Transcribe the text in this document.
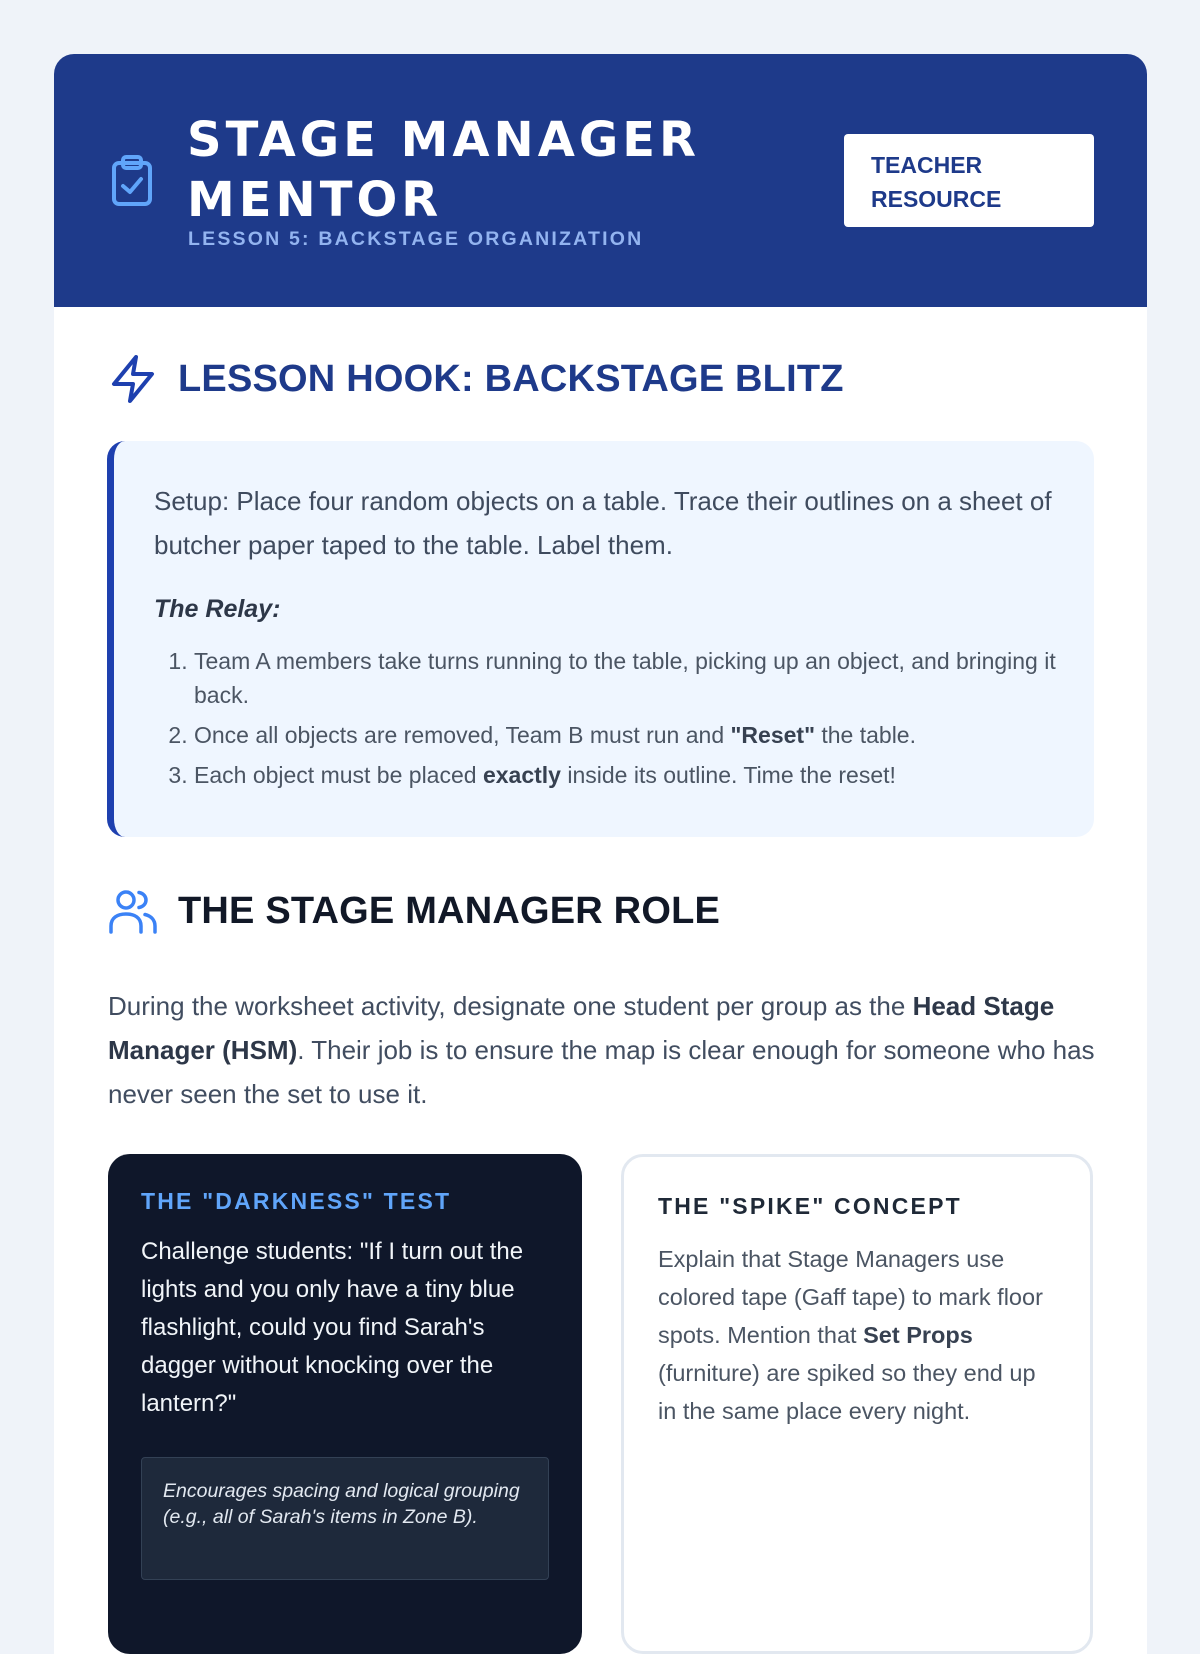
STAGE MANAGER MENTOR
LESSON 5: BACKSTAGE ORGANIZATION
TEACHER RESOURCE
LESSON HOOK: BACKSTAGE BLITZ

Setup: Place four random objects on a table. Trace their outlines on a sheet of butcher paper taped to the table. Label them.

The Relay:

1. Team A members take turns running to the table, picking up an object, and bringing it back.
2. Once all objects are removed, Team B must run and "Reset" the table.
3. Each object must be placed exactly inside its outline. Time the reset!
THE STAGE MANAGER ROLE

During the worksheet activity, designate one student per group as the Head Stage Manager (HSM). Their job is to ensure the map is clear enough for someone who has never seen the set to use it.

THE "DARKNESS" TEST

Challenge students: "If I turn out the lights and you only have a tiny blue flashlight, could you find Sarah's dagger without knocking over the lantern?"

Encourages spacing and logical grouping (e.g., all of Sarah's items in Zone B).
THE "SPIKE" CONCEPT

Explain that Stage Managers use colored tape (Gaff tape) to mark floor spots. Mention that Set Props (furniture) are spiked so they end up in the same place every night.
